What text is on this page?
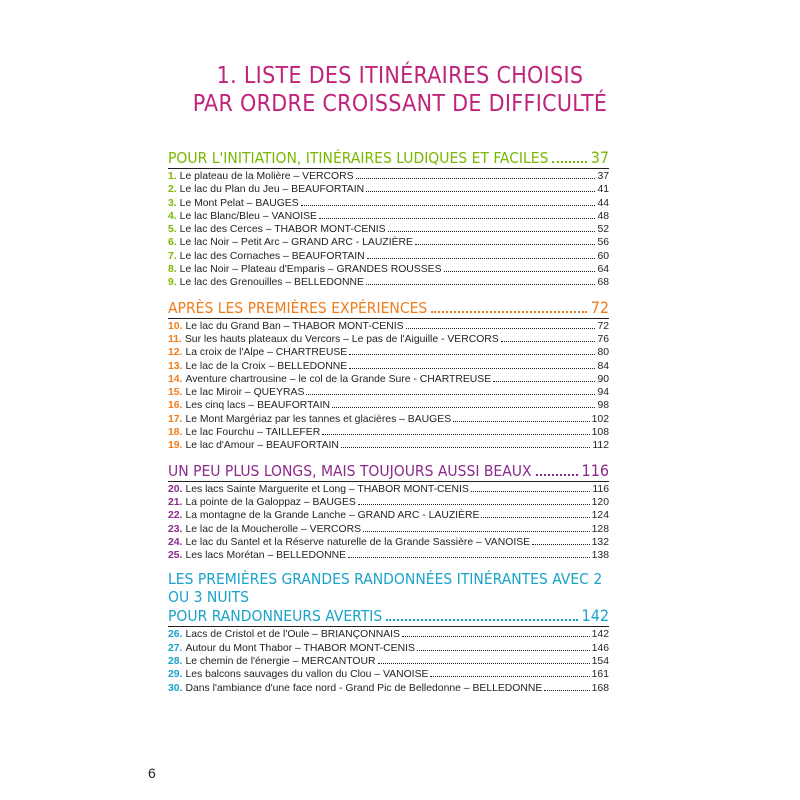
1. LISTE DES ITINÉRAIRES CHOISIS
PAR ORDRE CROISSANT DE DIFFICULTÉ
POUR L'INITIATION, ITINÉRAIRES LUDIQUES ET FACILES	37
1. Le plateau de la Molière – VERCORS	37
2. Le lac du Plan du Jeu – BEAUFORTAIN	41
3. Le Mont Pelat – BAUGES	44
4. Le lac Blanc/Bleu – VANOISE	48
5. Le lac des Cerces – THABOR MONT-CENIS	52
6. Le lac Noir – Petit Arc – GRAND ARC - LAUZIÈRE	56
7. Le lac des Cornaches – BEAUFORTAIN	60
8. Le lac Noir – Plateau d'Emparis – GRANDES ROUSSES	64
9. Le lac des Grenouilles – BELLEDONNE	68
APRÈS LES PREMIÈRES EXPÉRIENCES	72
10. Le lac du Grand Ban – THABOR MONT-CENIS	72
11. Sur les hauts plateaux du Vercors – Le pas de l'Aiguille - VERCORS	76
12. La croix de l'Alpe – CHARTREUSE	80
13. Le lac de la Croix – BELLEDONNE	84
14. Aventure chartrousine – le col de la Grande Sure - CHARTREUSE	90
15. Le lac Miroir – QUEYRAS	94
16. Les cinq lacs – BEAUFORTAIN	98
17. Le Mont Margériaz par les tannes et glacières – BAUGES	102
18. Le lac Fourchu – TAILLEFER	108
19. Le lac d'Amour – BEAUFORTAIN	112
UN PEU PLUS LONGS, MAIS TOUJOURS AUSSI BEAUX	116
20. Les lacs Sainte Marguerite et Long – THABOR MONT-CENIS	116
21. La pointe de la Galoppaz – BAUGES	120
22. La montagne de la Grande Lanche – GRAND ARC - LAUZIÈRE	124
23. Le lac de la Moucherolle – VERCORS	128
24. Le lac du Santel et la Réserve naturelle de la Grande Sassière – VANOISE	132
25. Les lacs Morétan – BELLEDONNE	138
LES PREMIÈRES GRANDES RANDONNÉES ITINÉRANTES AVEC 2 OU 3 NUITS
POUR RANDONNEURS AVERTIS	142
26. Lacs de Cristol et de l'Oule – BRIANÇONNAIS	142
27. Autour du Mont Thabor – THABOR MONT-CENIS	146
28. Le chemin de l'énergie – MERCANTOUR	154
29. Les balcons sauvages du vallon du Clou – VANOISE	161
30. Dans l'ambiance d'une face nord - Grand Pic de Belledonne – BELLEDONNE	168
6
